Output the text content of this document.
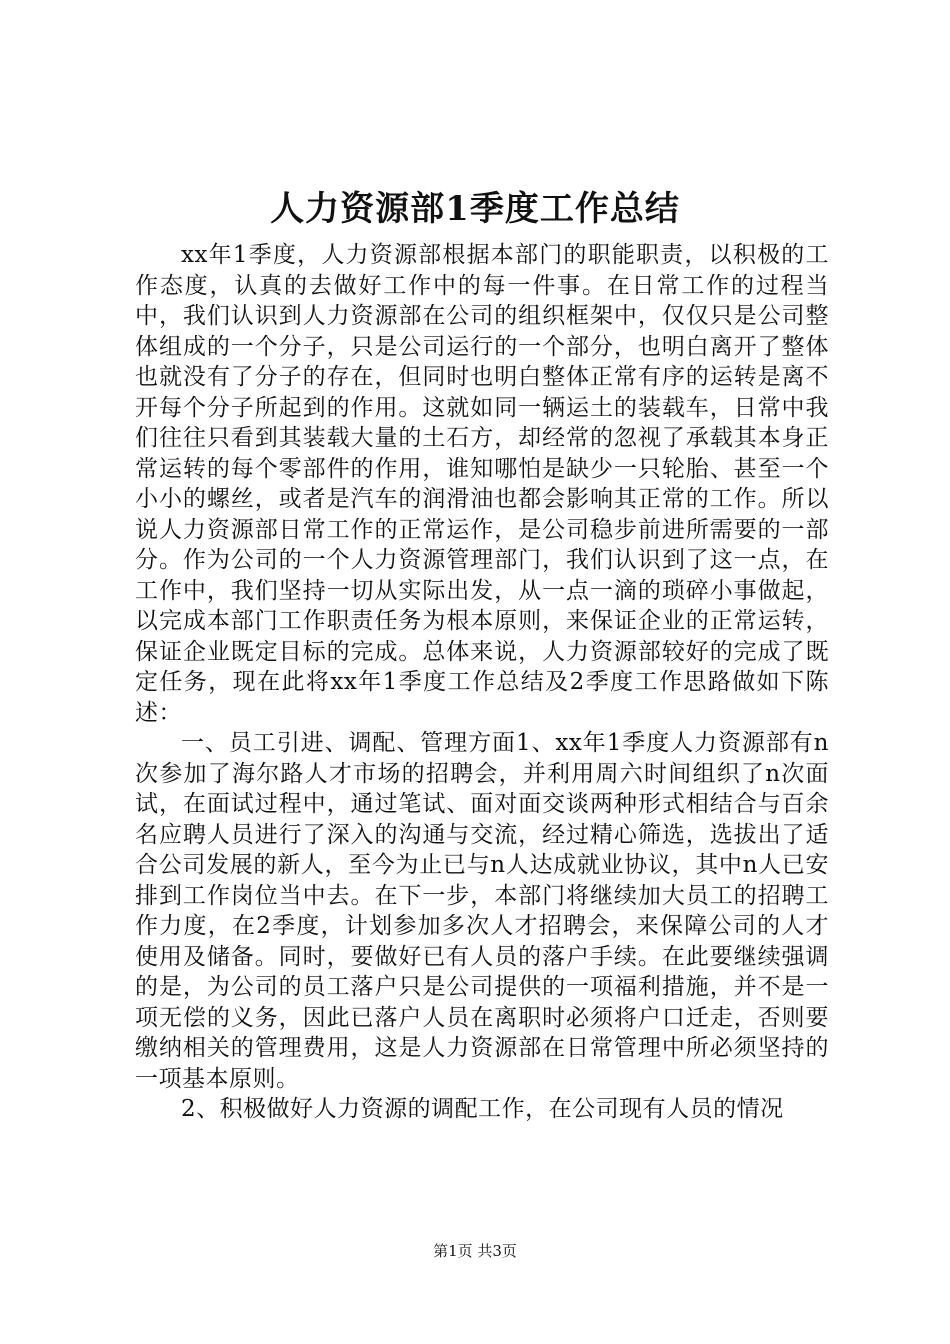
人力资源部1季度工作总结

xx年1季度，人力资源部根据本部门的职能职责，以积极的工作态度，认真的去做好工作中的每一件事。在日常工作的过程当中，我们认识到人力资源部在公司的组织框架中，仅仅只是公司整体组成的一个分子，只是公司运行的一个部分，也明白离开了整体也就没有了分子的存在，但同时也明白整体正常有序的运转是离不开每个分子所起到的作用。这就如同一辆运土的装载车，日常中我们往往只看到其装载大量的土石方，却经常的忽视了承载其本身正常运转的每个零部件的作用，谁知哪怕是缺少一只轮胎、甚至一个小小的螺丝，或者是汽车的润滑油也都会影响其正常的工作。所以说人力资源部日常工作的正常运作，是公司稳步前进所需要的一部分。作为公司的一个人力资源管理部门，我们认识到了这一点，在工作中，我们坚持一切从实际出发，从一点一滴的琐碎小事做起，以完成本部门工作职责任务为根本原则，来保证企业的正常运转，保证企业既定目标的完成。总体来说，人力资源部较好的完成了既定任务，现在此将xx年1季度工作总结及2季度工作思路做如下陈述：

一、员工引进、调配、管理方面1、xx年1季度人力资源部有n次参加了海尔路人才市场的招聘会，并利用周六时间组织了n次面试，在面试过程中，通过笔试、面对面交谈两种形式相结合与百余名应聘人员进行了深入的沟通与交流，经过精心筛选，选拔出了适合公司发展的新人，至今为止已与n人达成就业协议，其中n人已安排到工作岗位当中去。在下一步，本部门将继续加大员工的招聘工作力度，在2季度，计划参加多次人才招聘会，来保障公司的人才使用及储备。同时，要做好已有人员的落户手续。在此要继续强调的是，为公司的员工落户只是公司提供的一项福利措施，并不是一项无偿的义务，因此已落户人员在离职时必须将户口迁走，否则要缴纳相关的管理费用，这是人力资源部在日常管理中所必须坚持的一项基本原则。

2、积极做好人力资源的调配工作，在公司现有人员的情况

第1页 共3页
